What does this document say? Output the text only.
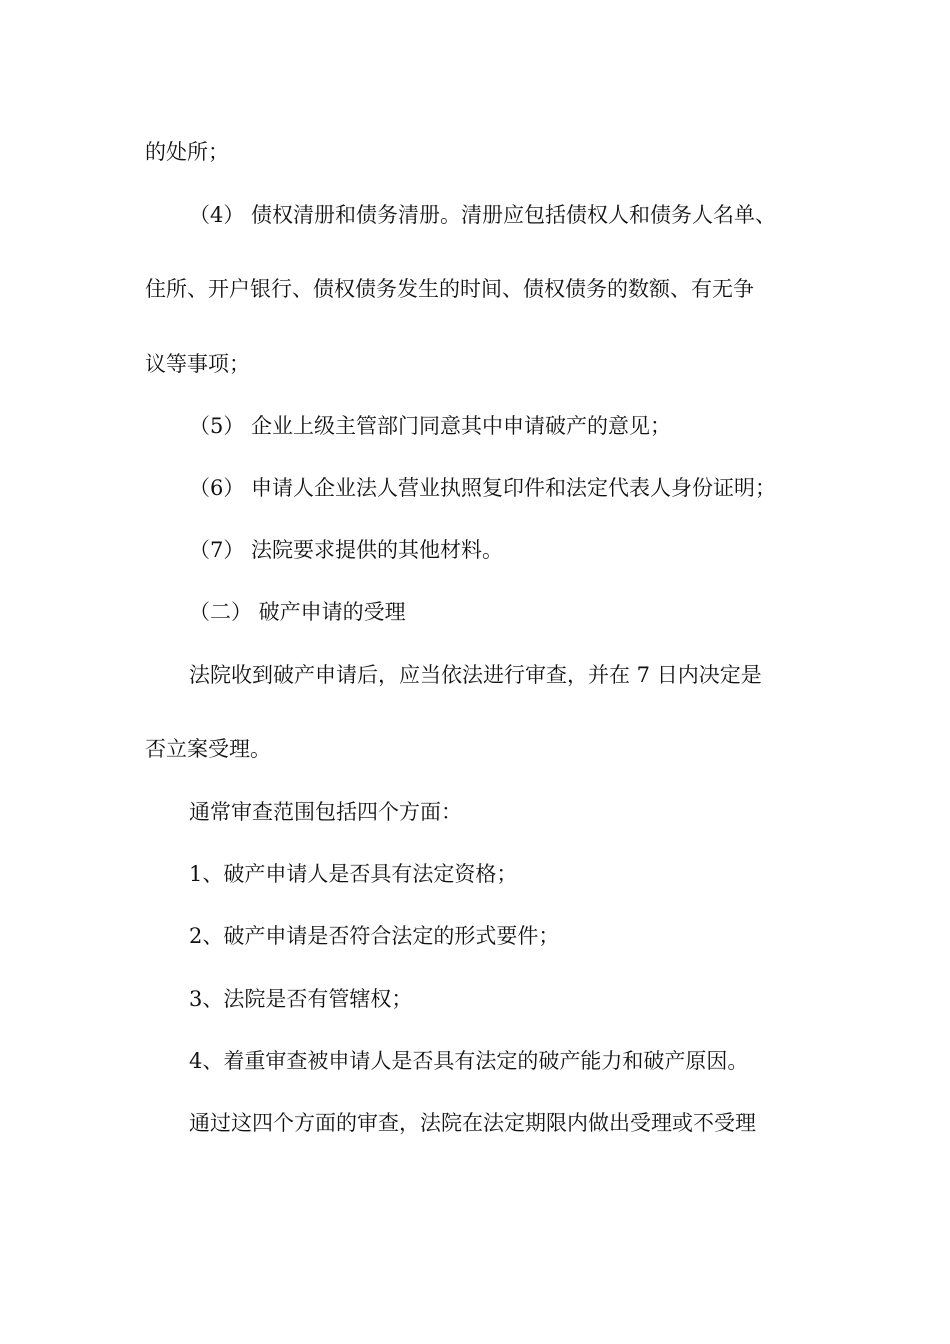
的处所；
（4） 债权清册和债务清册。清册应包括债权人和债务人名单、
住所、开户银行、债权债务发生的时间、债权债务的数额、有无争
议等事项；
（5） 企业上级主管部门同意其中申请破产的意见；
（6） 申请人企业法人营业执照复印件和法定代表人身份证明；
（7） 法院要求提供的其他材料。
（二） 破产申请的受理
法院收到破产申请后，应当依法进行审查，并在 7 日内决定是
否立案受理。
通常审查范围包括四个方面：
1、破产申请人是否具有法定资格；
2、破产申请是否符合法定的形式要件；
3、法院是否有管辖权；
4、着重审查被申请人是否具有法定的破产能力和破产原因。
通过这四个方面的审查，法院在法定期限内做出受理或不受理
